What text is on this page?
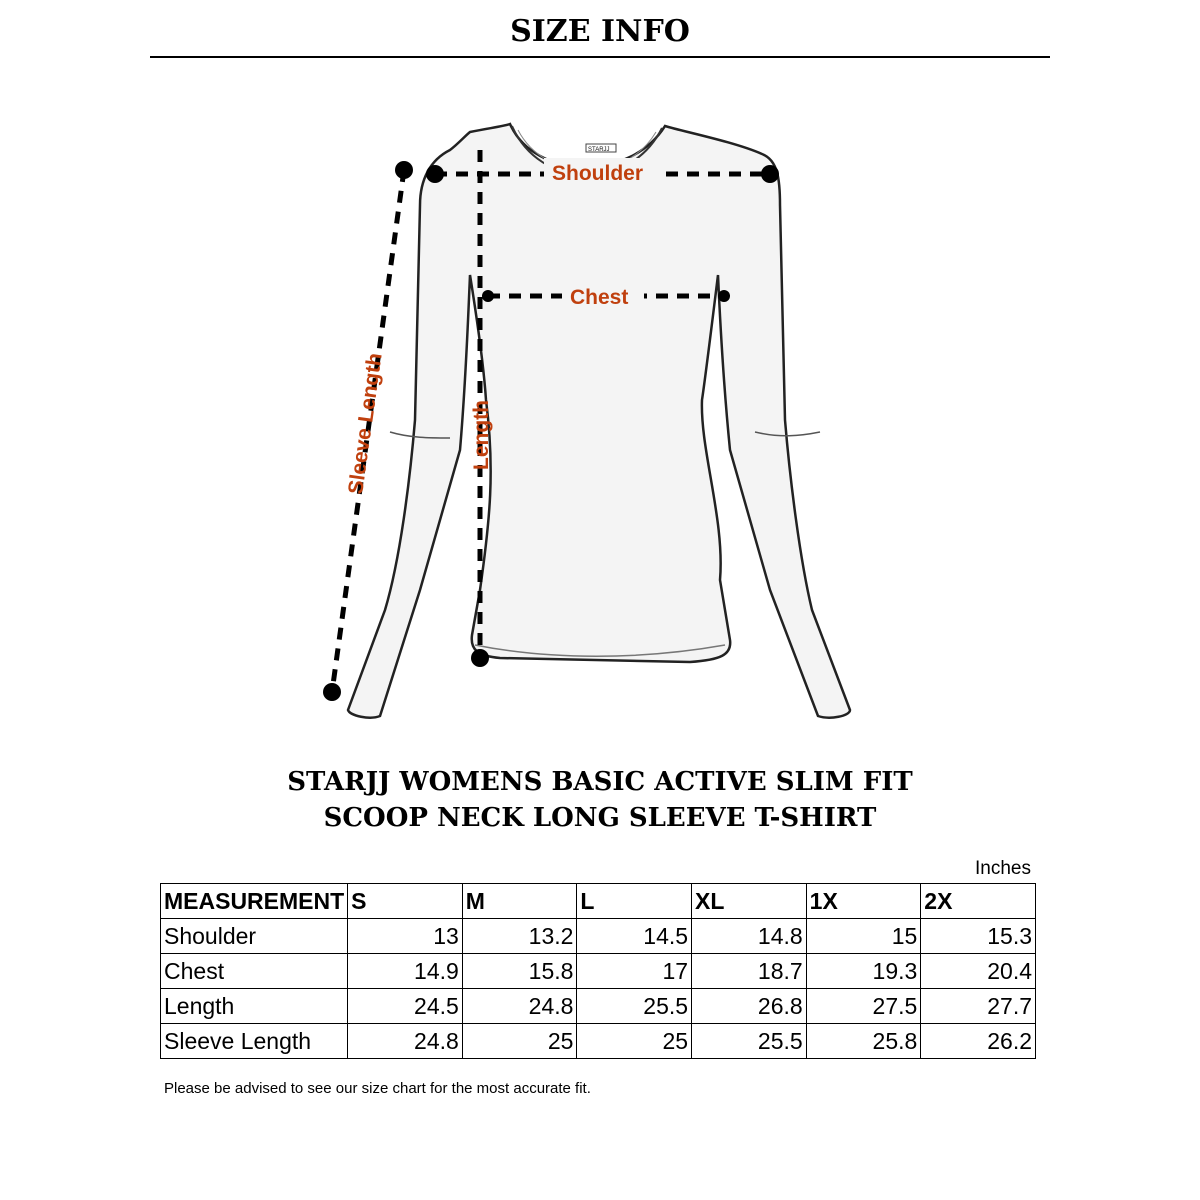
SIZE INFO
STARJJ
Shoulder
Chest
Length
Sleeve Length
STARJJ WOMENS BASIC ACTIVE SLIM FIT
SCOOP NECK LONG SLEEVE T-SHIRT
Inches
MEASUREMENT	S	M	L	XL	1X	2X
Shoulder	13	13.2	14.5	14.8	15	15.3
Chest	14.9	15.8	17	18.7	19.3	20.4
Length	24.5	24.8	25.5	26.8	27.5	27.7
Sleeve Length	24.8	25	25	25.5	25.8	26.2
Please be advised to see our size chart for the most accurate fit.
